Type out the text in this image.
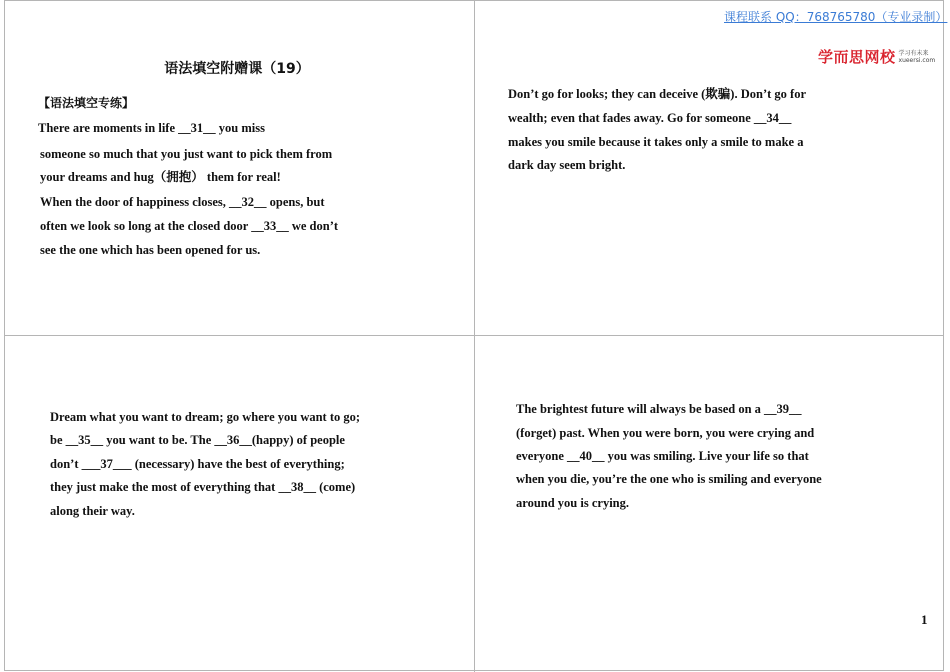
课程联系 QQ：768765780（专业录制）
学而思网校 学习有未来
xueersi.com
语法填空附赠课（19）
【语法填空专练】
There are moments in life __31__ you miss
someone so much that you just want to pick them from
your dreams and hug（拥抱） them for real!
When the door of happiness closes, __32__ opens, but
often we look so long at the closed door __33__ we don’t
see the one which has been opened for us.
Don’t go for looks; they can deceive (欺骗). Don’t go for
wealth; even that fades away. Go for someone __34__
makes you smile because it takes only a smile to make a
dark day seem bright.
Dream what you want to dream; go where you want to go;
be __35__ you want to be. The __36__(happy) of people
don’t ___37___ (necessary) have the best of everything;
they just make the most of everything that __38__ (come)
along their way.
The brightest future will always be based on a __39__
(forget) past. When you were born, you were crying and
everyone __40__ you was smiling. Live your life so that
when you die, you’re the one who is smiling and everyone
around you is crying.
1
